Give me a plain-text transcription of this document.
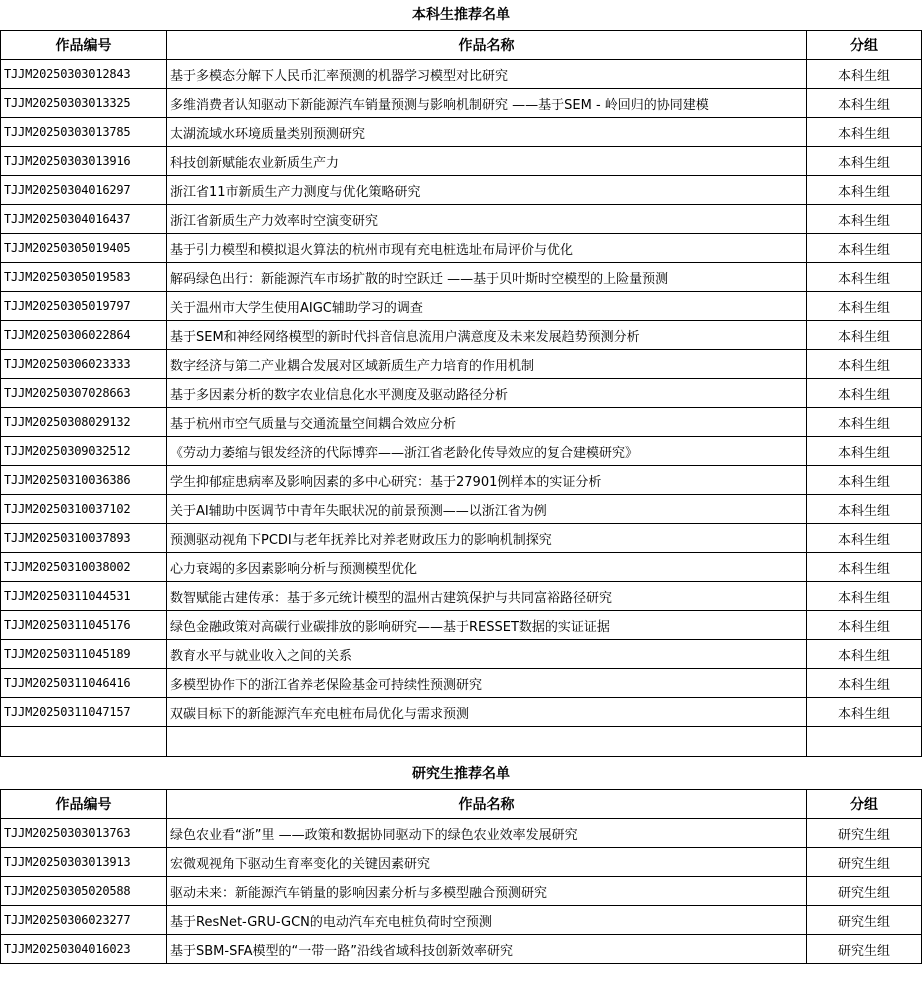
本科生推荐名单
作品编号	作品名称	分组
TJJM20250303012843	基于多模态分解下人民币汇率预测的机器学习模型对比研究	本科生组
TJJM20250303013325	多维消费者认知驱动下新能源汽车销量预测与影响机制研究 ——基于SEM - 岭回归的协同建模	本科生组
TJJM20250303013785	太湖流域水环境质量类别预测研究	本科生组
TJJM20250303013916	科技创新赋能农业新质生产力	本科生组
TJJM20250304016297	浙江省11市新质生产力测度与优化策略研究	本科生组
TJJM20250304016437	浙江省新质生产力效率时空演变研究	本科生组
TJJM20250305019405	基于引力模型和模拟退火算法的杭州市现有充电桩选址布局评价与优化	本科生组
TJJM20250305019583	解码绿色出行：新能源汽车市场扩散的时空跃迁 ——基于贝叶斯时空模型的上险量预测	本科生组
TJJM20250305019797	关于温州市大学生使用AIGC辅助学习的调查	本科生组
TJJM20250306022864	基于SEM和神经网络模型的新时代抖音信息流用户满意度及未来发展趋势预测分析	本科生组
TJJM20250306023333	数字经济与第二产业耦合发展对区域新质生产力培育的作用机制	本科生组
TJJM20250307028663	基于多因素分析的数字农业信息化水平测度及驱动路径分析	本科生组
TJJM20250308029132	基于杭州市空气质量与交通流量空间耦合效应分析	本科生组
TJJM20250309032512	《劳动力萎缩与银发经济的代际博弈——浙江省老龄化传导效应的复合建模研究》	本科生组
TJJM20250310036386	学生抑郁症患病率及影响因素的多中心研究：基于27901例样本的实证分析	本科生组
TJJM20250310037102	关于AI辅助中医调节中青年失眠状况的前景预测——以浙江省为例	本科生组
TJJM20250310037893	预测驱动视角下PCDI与老年抚养比对养老财政压力的影响机制探究	本科生组
TJJM20250310038002	心力衰竭的多因素影响分析与预测模型优化	本科生组
TJJM20250311044531	数智赋能古建传承：基于多元统计模型的温州古建筑保护与共同富裕路径研究	本科生组
TJJM20250311045176	绿色金融政策对高碳行业碳排放的影响研究——基于RESSET数据的实证证据	本科生组
TJJM20250311045189	教育水平与就业收入之间的关系	本科生组
TJJM20250311046416	多模型协作下的浙江省养老保险基金可持续性预测研究	本科生组
TJJM20250311047157	双碳目标下的新能源汽车充电桩布局优化与需求预测	本科生组

研究生推荐名单
作品编号	作品名称	分组
TJJM20250303013763	绿色农业看“浙”里 ——政策和数据协同驱动下的绿色农业效率发展研究	研究生组
TJJM20250303013913	宏微观视角下驱动生育率变化的关键因素研究	研究生组
TJJM20250305020588	驱动未来：新能源汽车销量的影响因素分析与多模型融合预测研究	研究生组
TJJM20250306023277	基于ResNet-GRU-GCN的电动汽车充电桩负荷时空预测	研究生组
TJJM20250304016023	基于SBM-SFA模型的“一带一路”沿线省域科技创新效率研究	研究生组
